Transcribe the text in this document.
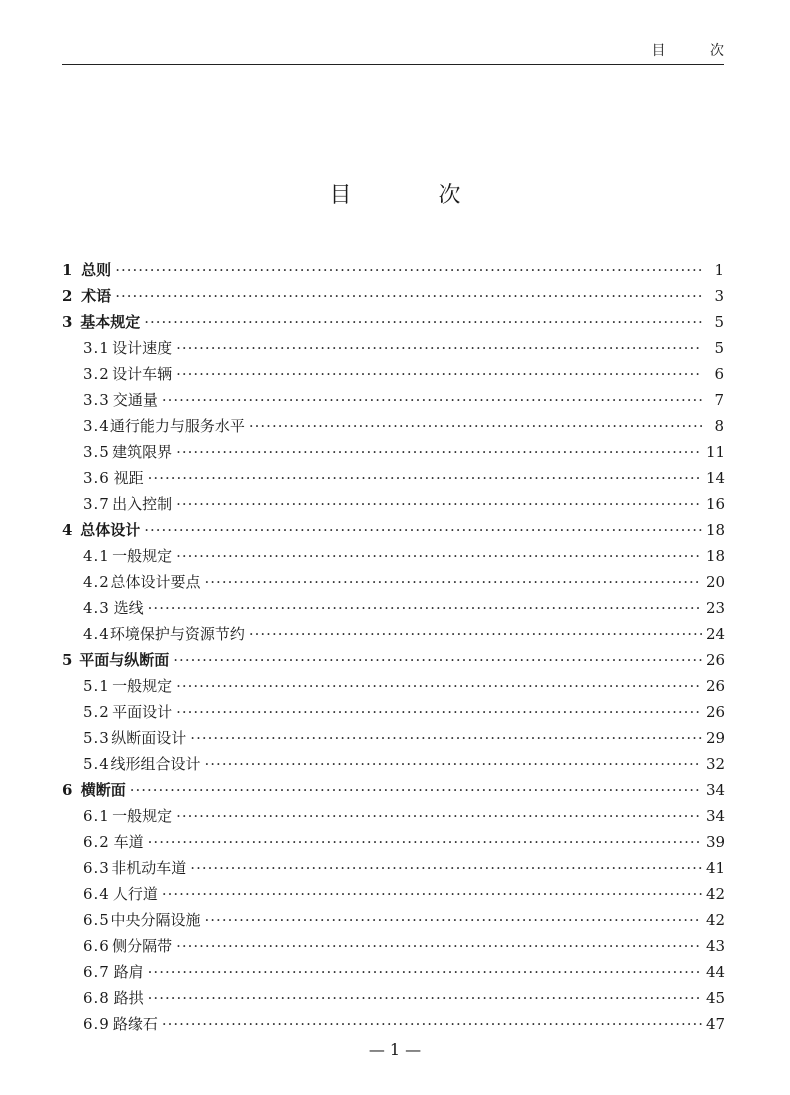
目 次
目 次
1 总则 ·····	1
2 术语 ·····	3
3 基本规定 ·····	5
3.1 设计速度 ·····	5
3.2 设计车辆 ·····	6
3.3 交通量 ·····	7
3.4 通行能力与服务水平 ·····	8
3.5 建筑限界 ·····	11
3.6 视距 ·····	14
3.7 出入控制 ·····	16
4 总体设计 ·····	18
4.1 一般规定 ·····	18
4.2 总体设计要点 ·····	20
4.3 选线 ·····	23
4.4 环境保护与资源节约 ·····	24
5 平面与纵断面 ·····	26
5.1 一般规定 ·····	26
5.2 平面设计 ·····	26
5.3 纵断面设计 ·····	29
5.4 线形组合设计 ·····	32
6 横断面 ·····	34
6.1 一般规定 ·····	34
6.2 车道 ·····	39
6.3 非机动车道 ·····	41
6.4 人行道 ·····	42
6.5 中央分隔设施 ·····	42
6.6 侧分隔带 ·····	43
6.7 路肩 ·····	44
6.8 路拱 ·····	45
6.9 路缘石 ·····	47
— 1 —
